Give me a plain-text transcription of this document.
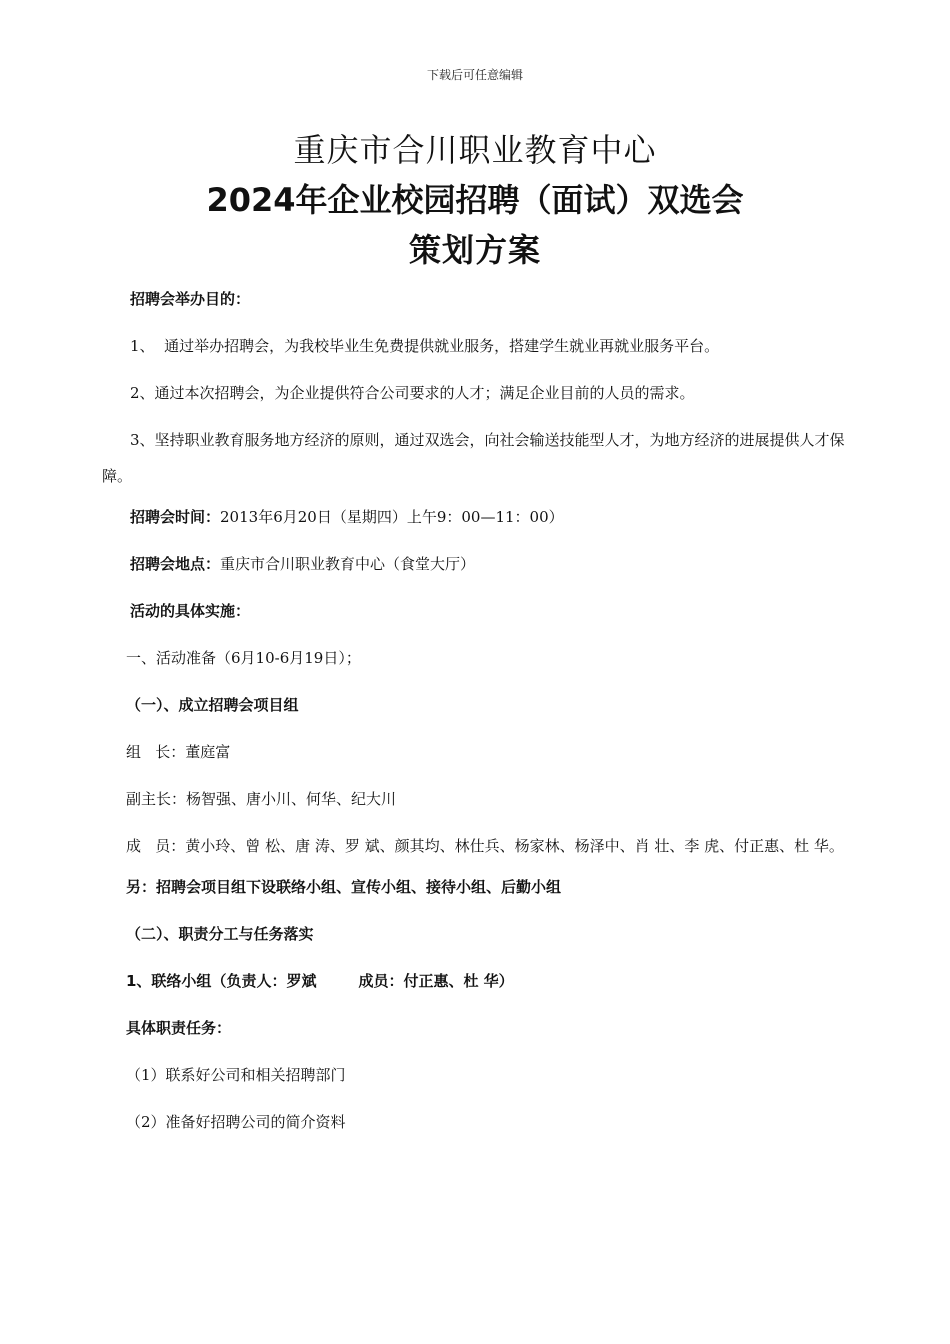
下载后可任意编辑
重庆市合川职业教育中心
2024年企业校园招聘（面试）双选会
策划方案

招聘会举办目的：

1、  通过举办招聘会，为我校毕业生免费提供就业服务，搭建学生就业再就业服务平台。

2、通过本次招聘会，为企业提供符合公司要求的人才；满足企业目前的人员的需求。

3、坚持职业教育服务地方经济的原则，通过双选会，向社会输送技能型人才，为地方经济的进展提供人才保障。

招聘会时间：2013年6月20日（星期四）上午9：00—11：00）

招聘会地点：重庆市合川职业教育中心（食堂大厅）

活动的具体实施：

一、活动准备（6月10-6月19日）；

（一）、成立招聘会项目组

组   长：董庭富

副主长：杨智强、唐小川、何华、纪大川

成   员：黄小玲、曾 松、唐 涛、罗 斌、颜其均、林仕兵、杨家林、杨泽中、肖 壮、李 虎、付正惠、杜 华。

另：招聘会项目组下设联络小组、宣传小组、接待小组、后勤小组

（二）、职责分工与任务落实

1、联络小组（负责人：罗斌	成员：付正惠、杜 华）

具体职责任务：

（1）联系好公司和相关招聘部门

（2）准备好招聘公司的简介资料
